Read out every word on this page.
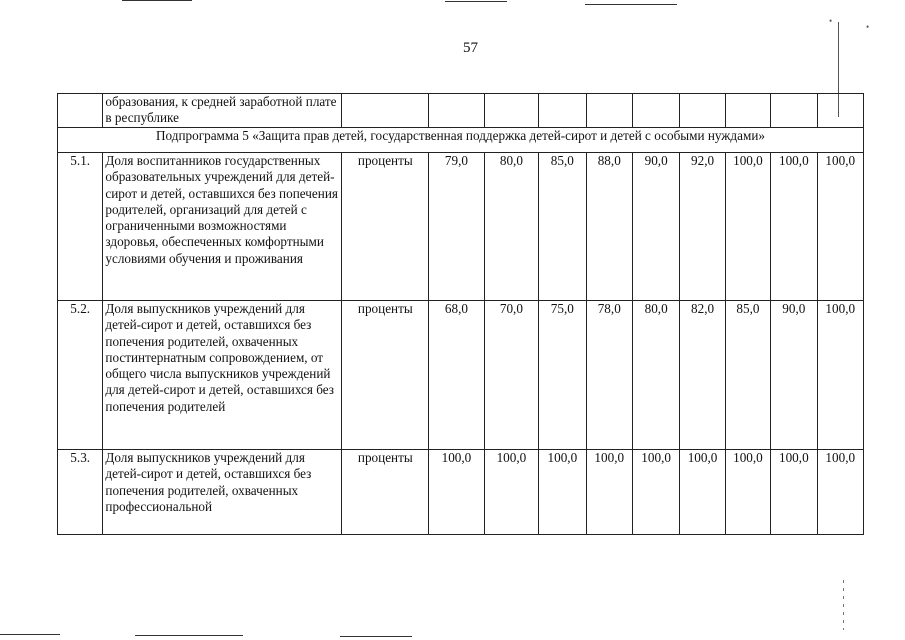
•
•
57
	образования, к средней заработной плате в республике										
Подпрограмма 5 «Защита прав детей, государственная поддержка детей-сирот и детей с особыми нуждами»											
5.1.	Доля воспитанников государственных образовательных учреждений для детей-сирот и детей, оставшихся без попечения родителей, организаций для детей с ограниченными возможностями здоровья, обеспеченных комфортными условиями обучения и проживания	проценты	79,0	80,0	85,0	88,0	90,0	92,0	100,0	100,0	100,0
5.2.	Доля выпускников учреждений для детей-сирот и детей, оставшихся без попечения родителей, охваченных постинтернатным сопровождением, от общего числа выпускников учреждений для детей-сирот и детей, оставшихся без попечения родителей	проценты	68,0	70,0	75,0	78,0	80,0	82,0	85,0	90,0	100,0
5.3.	Доля выпускников учреждений для детей-сирот и детей, оставшихся без попечения родителей, охваченных профессиональной	проценты	100,0	100,0	100,0	100,0	100,0	100,0	100,0	100,0	100,0
